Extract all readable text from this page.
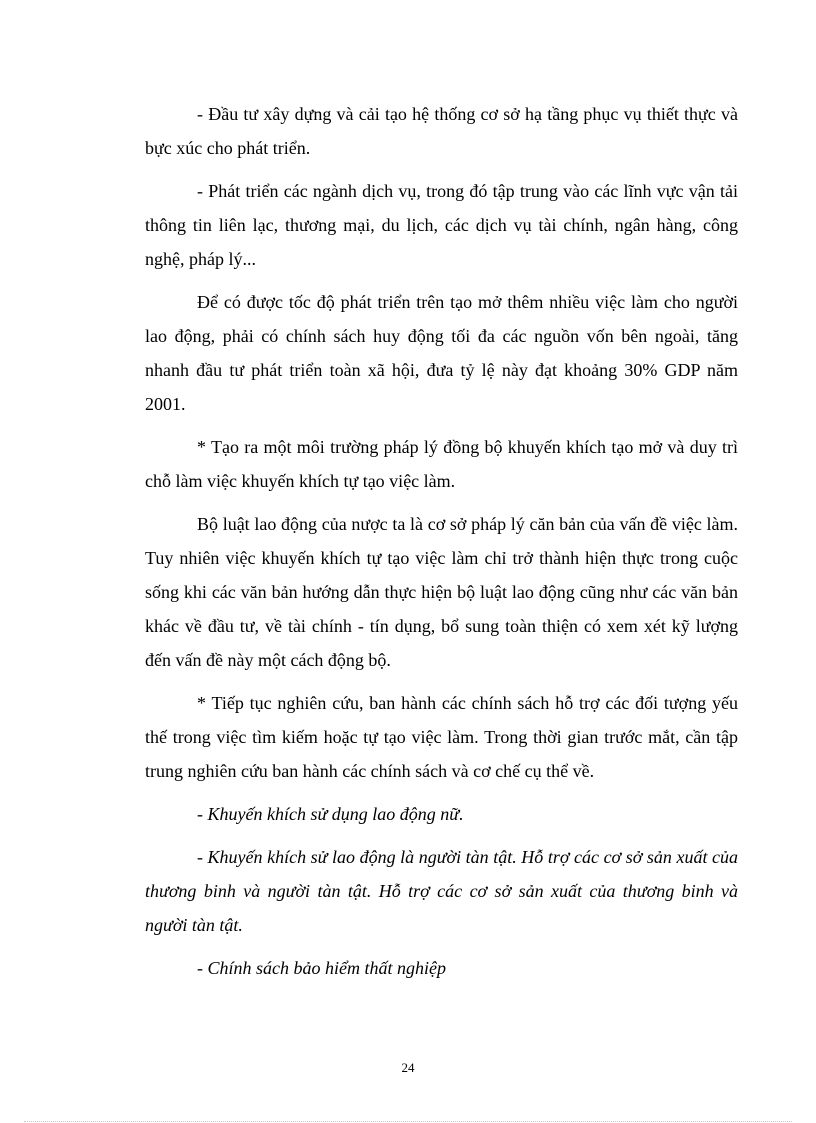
- Đầu tư xây dựng và cải tạo hệ thống cơ sở hạ tầng phục vụ thiết thực và bực xúc cho phát triển.

- Phát triển các ngành dịch vụ, trong đó tập trung vào các lĩnh vực vận tải thông tin liên lạc, thương mại, du lịch, các dịch vụ tài chính, ngân hàng, công nghệ, pháp lý...

Để có được tốc độ phát triển trên tạo mở thêm nhiều việc làm cho người lao động, phải có chính sách huy động tối đa các nguồn vốn bên ngoài, tăng nhanh đầu tư phát triển toàn xã hội, đưa tỷ lệ này đạt khoảng 30% GDP năm 2001.

* Tạo ra một môi trường pháp lý đồng bộ khuyến khích tạo mở và duy trì chỗ làm việc khuyến khích tự tạo việc làm.

Bộ luật lao động của nược ta là cơ sở pháp lý căn bản của vấn đề việc làm. Tuy nhiên việc khuyến khích tự tạo việc làm chỉ trở thành hiện thực trong cuộc sống khi các văn bản hướng dẫn thực hiện bộ luật lao động cũng như các văn bản khác về đầu tư, về tài chính - tín dụng, bổ sung toàn thiện có xem xét kỹ lượng đến vấn đề này một cách động bộ.

* Tiếp tục nghiên cứu, ban hành các chính sách hỗ trợ các đối tượng yếu thế trong việc tìm kiếm hoặc tự tạo việc làm. Trong thời gian trước mắt, cần tập trung nghiên cứu ban hành các chính sách và cơ chế cụ thể về.

- Khuyến khích sử dụng lao động nữ.

- Khuyến khích sử lao động là người tàn tật. Hỗ trợ các cơ sở sản xuất của thương binh và người tàn tật. Hỗ trợ các cơ sở sản xuất của thương binh và người tàn tật.

- Chính sách bảo hiểm thất nghiệp

24
